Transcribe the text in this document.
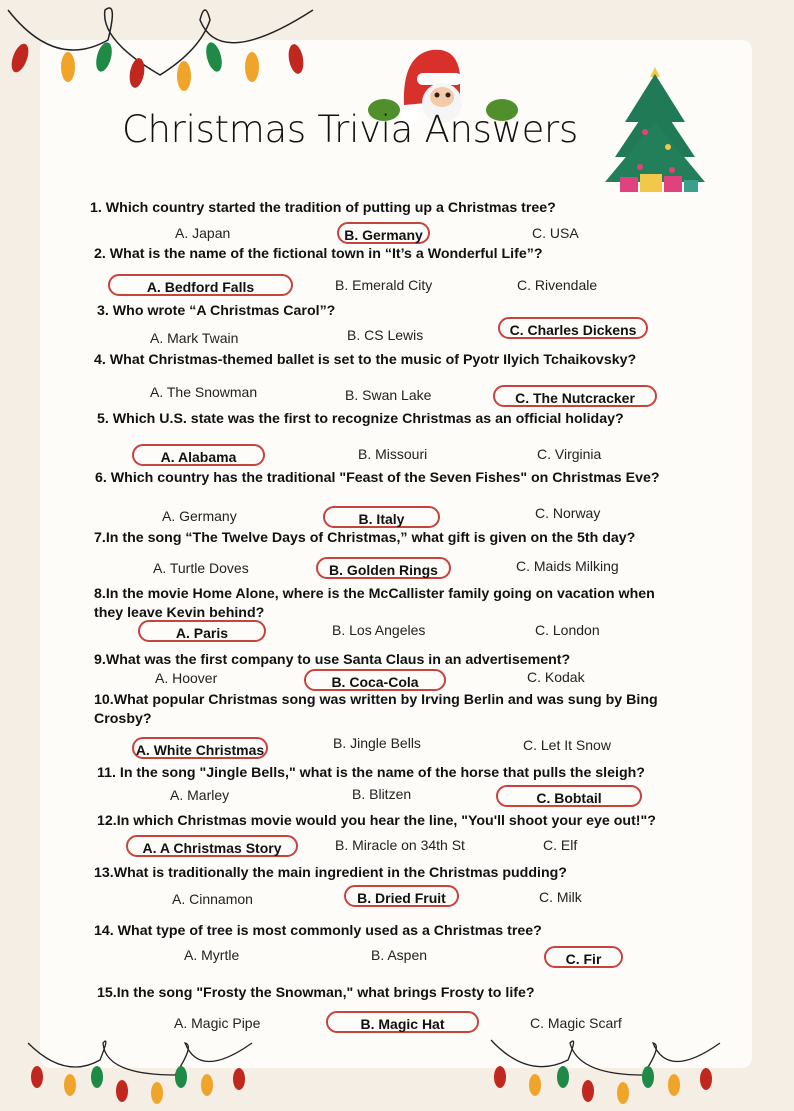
Christmas Trivia Answers
1. Which country started the tradition of putting up a Christmas tree?
A. Japan	B. Germany	C. USA
2. What is the name of the fictional town in “It’s a Wonderful Life”?
A. Bedford Falls	B. Emerald City	C. Rivendale
3. Who wrote “A Christmas Carol”?
A. Mark Twain	B. CS Lewis	C. Charles Dickens
4. What Christmas-themed ballet is set to the music of Pyotr Ilyich Tchaikovsky?
A. The Snowman	B. Swan Lake	C. The Nutcracker
5. Which U.S. state was the first to recognize Christmas as an official holiday?
A. Alabama	B. Missouri	C. Virginia
6. Which country has the traditional "Feast of the Seven Fishes" on Christmas Eve?
A. Germany	B. Italy	C. Norway
7.In the song “The Twelve Days of Christmas,” what gift is given on the 5th day?
A. Turtle Doves	B. Golden Rings	C. Maids Milking
8.In the movie Home Alone, where is the McCallister family going on vacation when
they leave Kevin behind?
A. Paris	B. Los Angeles	C. London
9.What was the first company to use Santa Claus in an advertisement?
A. Hoover	B. Coca-Cola	C. Kodak
10.What popular Christmas song was written by Irving Berlin and was sung by Bing
Crosby?
A. White Christmas	B. Jingle Bells	C. Let It Snow
11. In the song "Jingle Bells," what is the name of the horse that pulls the sleigh?
A. Marley	B. Blitzen	C. Bobtail
12.In which Christmas movie would you hear the line, "You'll shoot your eye out!"?
A. A Christmas Story	B. Miracle on 34th St	C. Elf
13.What is traditionally the main ingredient in the Christmas pudding?
A. Cinnamon	B. Dried Fruit	C. Milk
14. What type of tree is most commonly used as a Christmas tree?
A. Myrtle	B. Aspen	C. Fir
15.In the song "Frosty the Snowman," what brings Frosty to life?
A. Magic Pipe	B. Magic Hat	C. Magic Scarf
